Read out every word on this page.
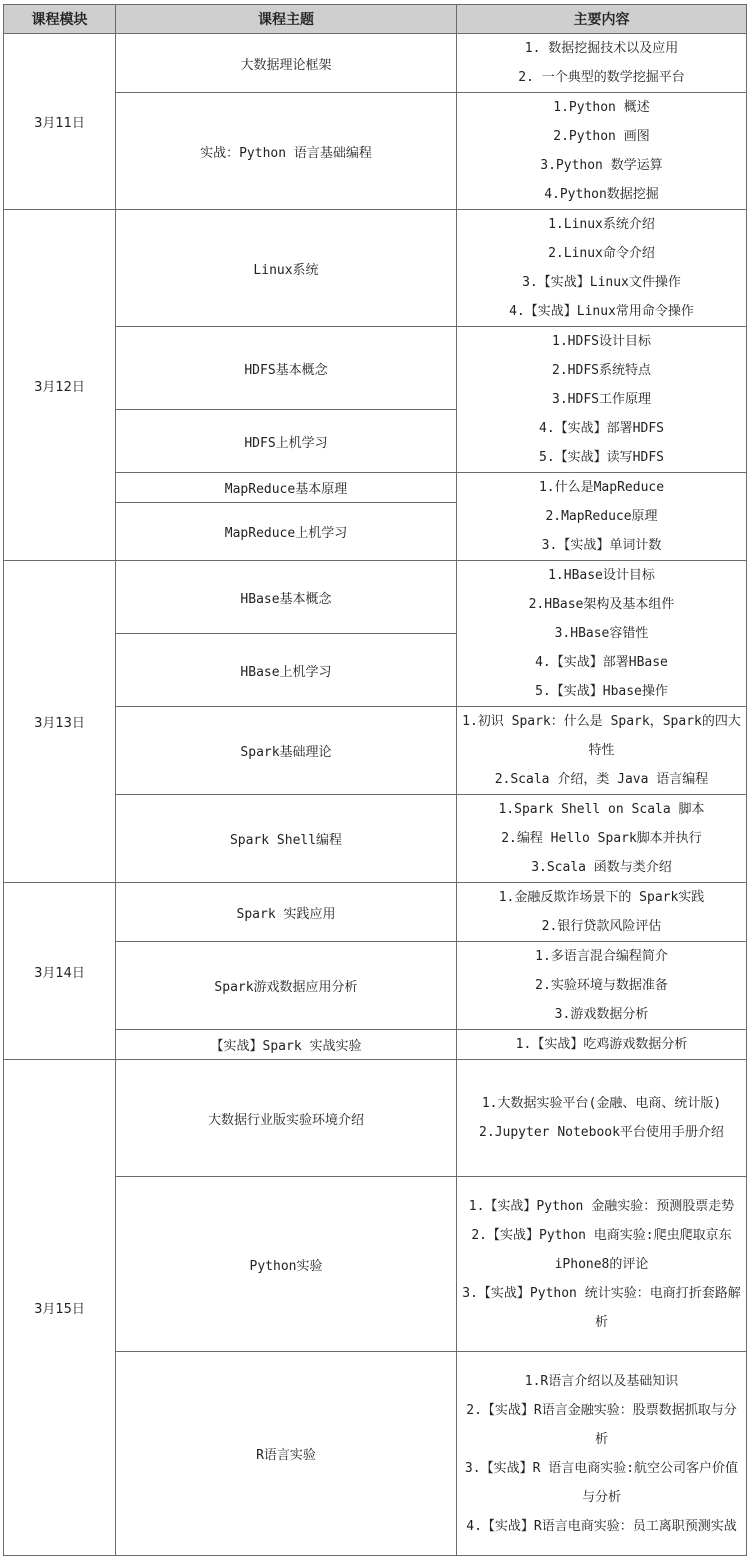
课程模块	课程主题	主要内容
3月11日	大数据理论框架	1. 数据挖掘技术以及应用
2. 一个典型的数学挖掘平台

	实战：Python 语言基础编程	1.Python 概述
2.Python 画图
3.Python 数学运算
4.Python数据挖掘

3月12日	Linux系统	1.Linux系统介绍
2.Linux命令介绍
3.【实战】Linux文件操作
4.【实战】Linux常用命令操作

	HDFS基本概念	1.HDFS设计目标
2.HDFS系统特点
3.HDFS工作原理
4.【实战】部署HDFS
5.【实战】读写HDFS

	HDFS上机学习	
	MapReduce基本原理	1.什么是MapReduce
2.MapReduce原理
3.【实战】单词计数

	MapReduce上机学习	
3月13日	HBase基本概念	1.HBase设计目标
2.HBase架构及基本组件
3.HBase容错性
4.【实战】部署HBase
5.【实战】Hbase操作

	HBase上机学习	
	Spark基础理论	1.初识 Spark：什么是 Spark，Spark的四大特性
2.Scala 介绍，类 Java 语言编程

	Spark Shell编程	1.Spark Shell on Scala 脚本
2.编程 Hello Spark脚本并执行
3.Scala 函数与类介绍

3月14日	Spark 实践应用	1.金融反欺诈场景下的 Spark实践
2.银行贷款风险评估

	Spark游戏数据应用分析	1.多语言混合编程简介
2.实验环境与数据准备
3.游戏数据分析

	【实战】Spark 实战实验	1.【实战】吃鸡游戏数据分析

3月15日	大数据行业版实验环境介绍	1.大数据实验平台(金融、电商、统计版)
2.Jupyter Notebook平台使用手册介绍

	Python实验	1.【实战】Python 金融实验：预测股票走势
2.【实战】Python 电商实验:爬虫爬取京东iPhone8的评论
3.【实战】Python 统计实验：电商打折套路解析

	R语言实验	1.R语言介绍以及基础知识
2.【实战】R语言金融实验：股票数据抓取与分析
3.【实战】R 语言电商实验:航空公司客户价值与分析
4.【实战】R语言电商实验：员工离职预测实战
